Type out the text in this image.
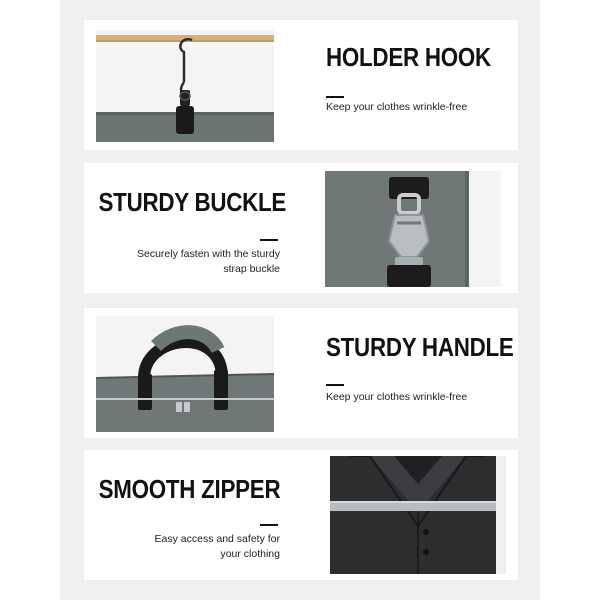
HOLDER HOOK
Keep your clothes wrinkle-free
STURDY BUCKLE
Securely fasten with the sturdy
strap buckle
STURDY HANDLE
Keep your clothes wrinkle-free
SMOOTH ZIPPER
Easy access and safety for
your clothing
